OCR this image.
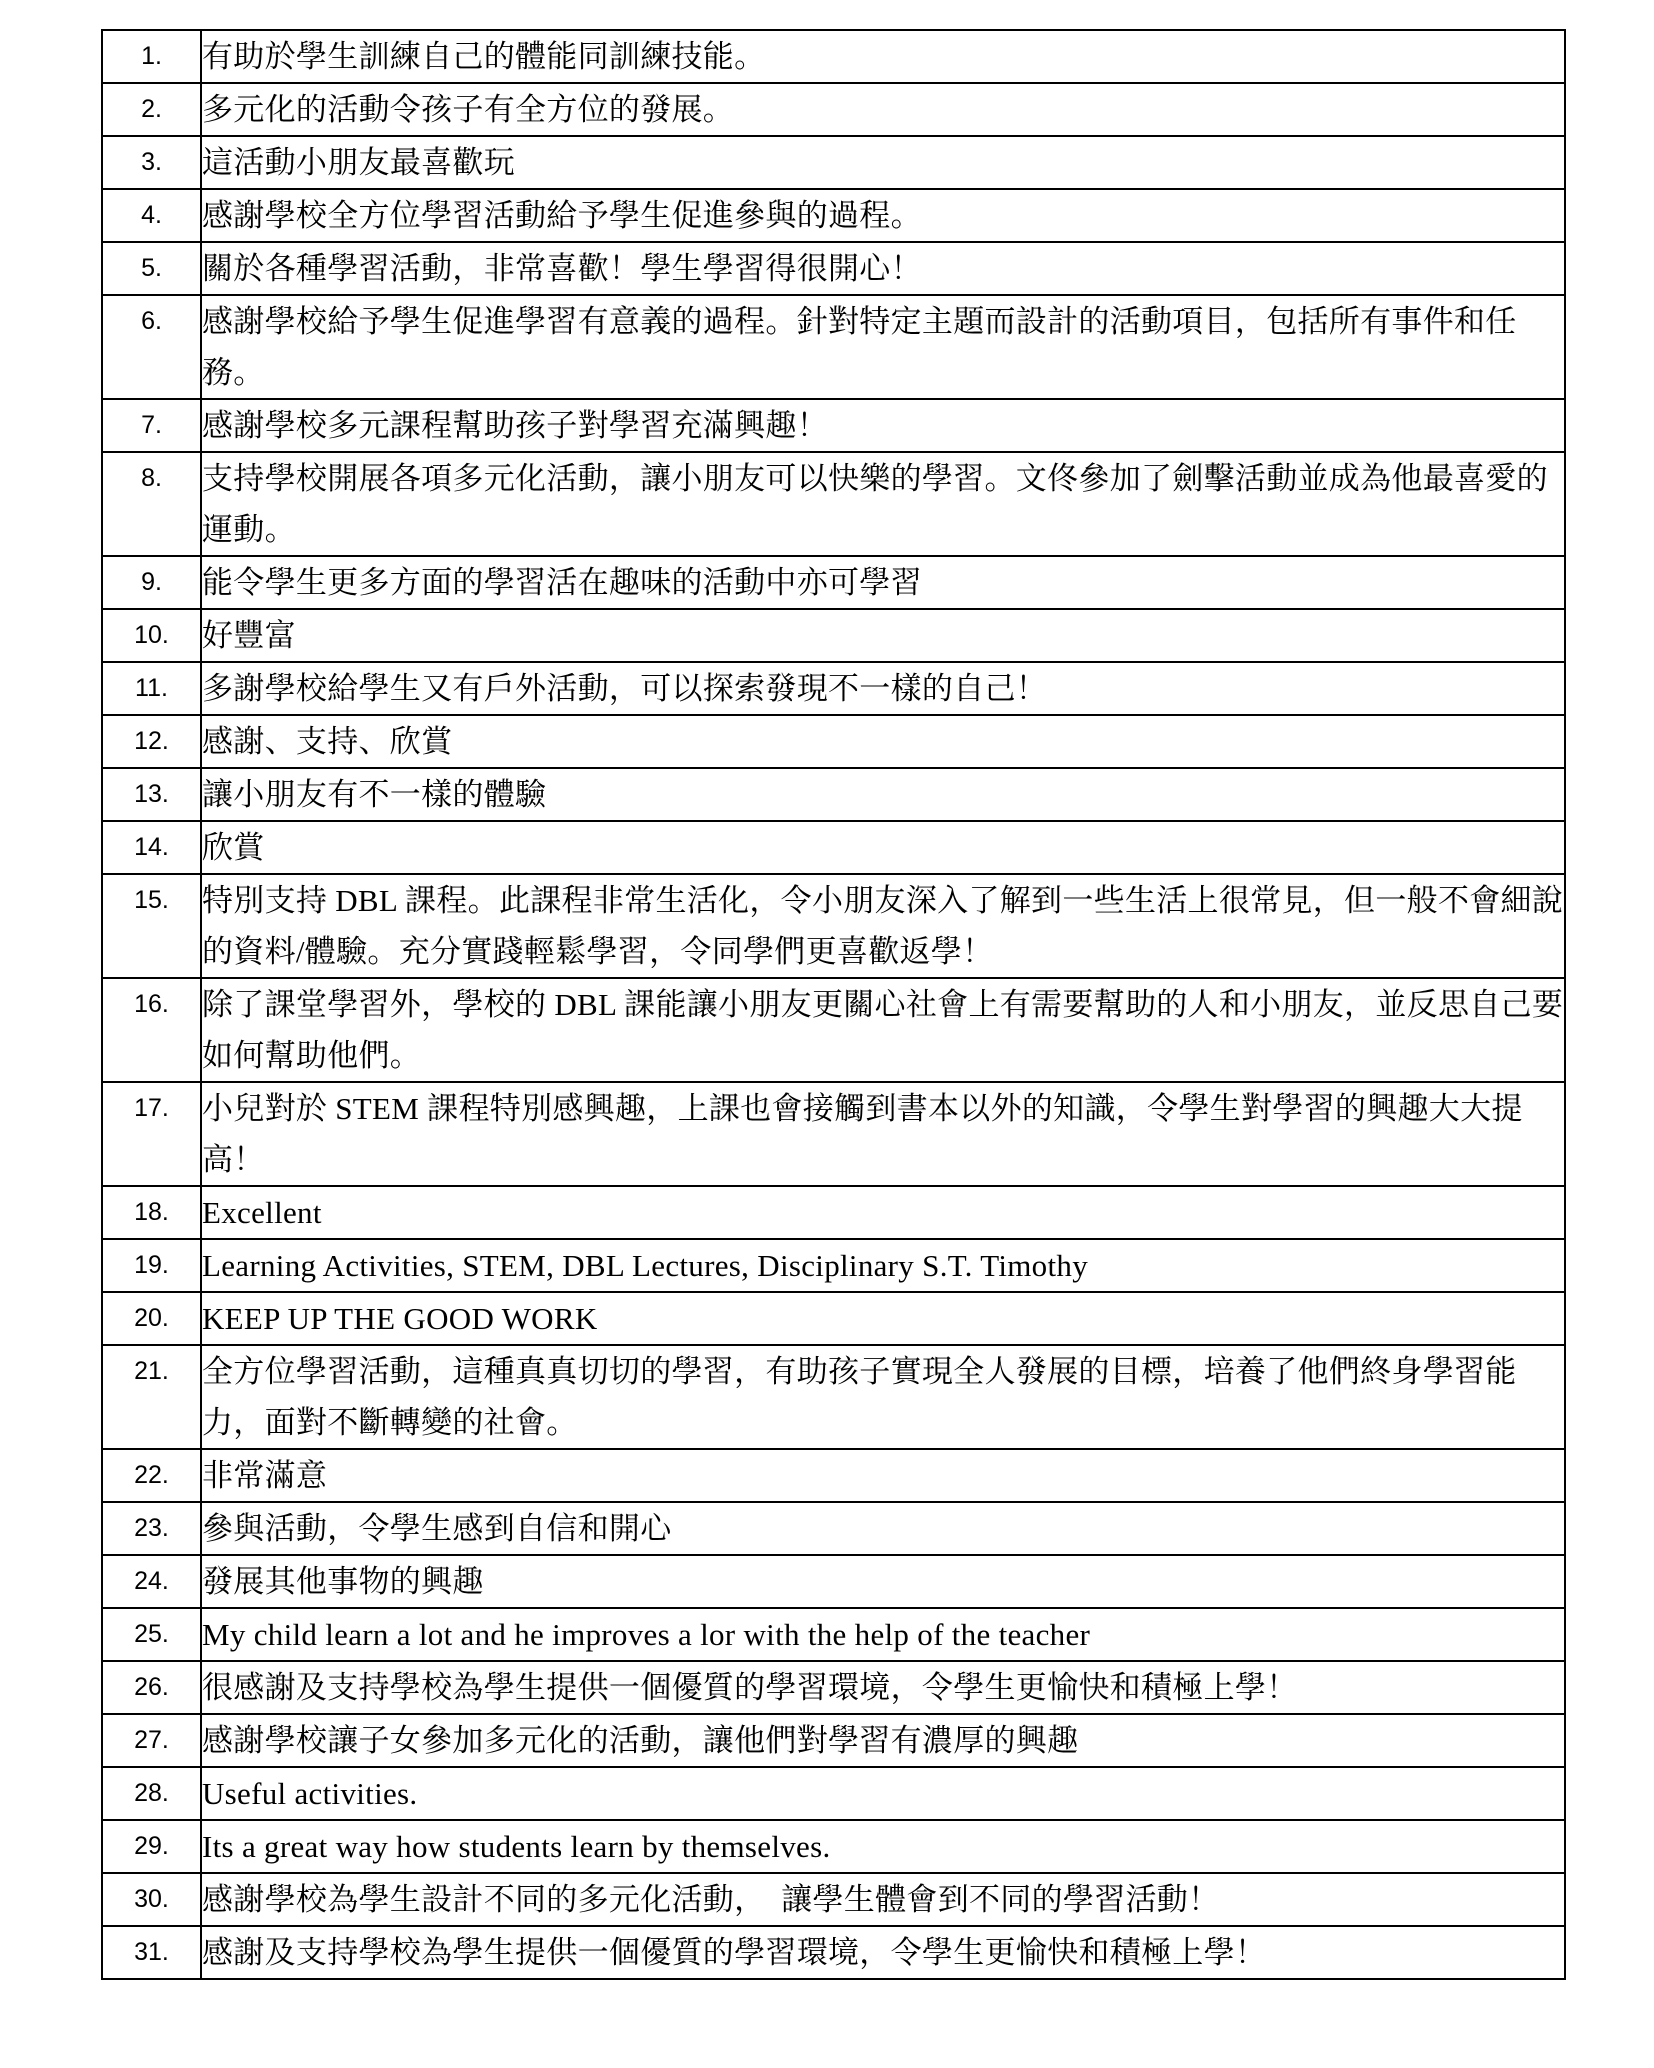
1.	有助於學生訓練自己的體能同訓練技能。
2.	多元化的活動令孩子有全方位的發展。
3.	這活動小朋友最喜歡玩
4.	感謝學校全方位學習活動給予學生促進參與的過程。
5.	關於各種學習活動，非常喜歡！學生學習得很開心！
6.	感謝學校給予學生促進學習有意義的過程。針對特定主題而設計的活動項目，包括所有事件和任務。
7.	感謝學校多元課程幫助孩子對學習充滿興趣！
8.	支持學校開展各項多元化活動，讓小朋友可以快樂的學習。文佟參加了劍擊活動並成為他最喜愛的運動。
9.	能令學生更多方面的學習活在趣味的活動中亦可學習
10.	好豐富
11.	多謝學校給學生又有戶外活動，可以探索發現不一樣的自己！
12.	感謝、支持、欣賞
13.	讓小朋友有不一樣的體驗
14.	欣賞
15.	特別支持 DBL 課程。此課程非常生活化，令小朋友深入了解到一些生活上很常見，但一般不會細說的資料/體驗。充分實踐輕鬆學習，令同學們更喜歡返學！
16.	除了課堂學習外，學校的 DBL 課能讓小朋友更關心社會上有需要幫助的人和小朋友，並反思自己要如何幫助他們。
17.	小兒對於 STEM 課程特別感興趣，上課也會接觸到書本以外的知識，令學生對學習的興趣大大提高！
18.	Excellent
19.	Learning Activities, STEM, DBL Lectures, Disciplinary S.T. Timothy
20.	KEEP UP THE GOOD WORK
21.	全方位學習活動，這種真真切切的學習，有助孩子實現全人發展的目標，培養了他們終身學習能力，面對不斷轉變的社會。
22.	非常滿意
23.	參與活動，令學生感到自信和開心
24.	發展其他事物的興趣
25.	My child learn a lot and he improves a lor with the help of the teacher
26.	很感謝及支持學校為學生提供一個優質的學習環境，令學生更愉快和積極上學！
27.	感謝學校讓子女參加多元化的活動，讓他們對學習有濃厚的興趣
28.	Useful activities.
29.	Its a great way how students learn by themselves.
30.	感謝學校為學生設計不同的多元化活動，　讓學生體會到不同的學習活動！
31.	感謝及支持學校為學生提供一個優質的學習環境，令學生更愉快和積極上學！
